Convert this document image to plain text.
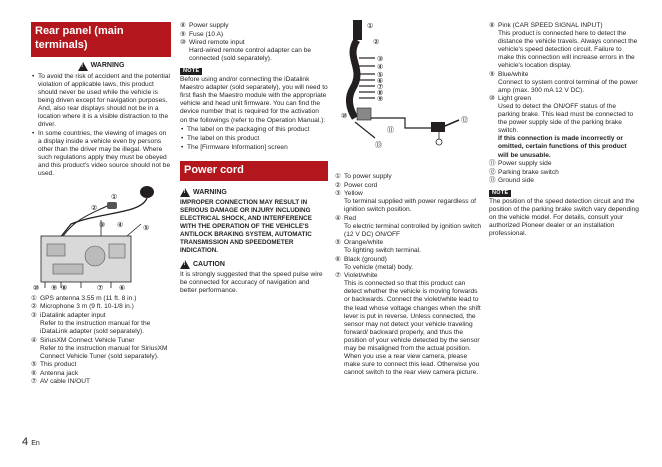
Rear panel (main terminals)
!
WARNING
• To avoid the risk of accident and the potential violation of applicable laws, this product should never be used while the vehicle is being driven except for navigation purposes. And, also rear displays should not be in a location where it is a visible distraction to the driver.
• In some countries, the viewing of images on a display inside a vehicle even by persons other than the driver may be illegal. Where such regulations apply they must be obeyed and this product's video source should not be used.
①
②
③ ④	⑤
⑩ ⑨ ⑧	⑦ ⑥
① GPS antenna 3.55 m (11 ft. 8 in.)
② Microphone 3 m (9 ft. 10-1/8 in.)
③ iDatalink adapter input
Refer to the instruction manual for the iDataLink adapter (sold separately).
④ SiriusXM Connect Vehicle Tuner
Refer to the instruction manual for SiriusXM Connect Vehicle Tuner (sold separately).
⑤ This product
⑥ Antenna jack
⑦ AV cable IN/OUT
⑧ Power supply
⑨ Fuse (10 A)
⑩ Wired remote input
Hard-wired remote control adapter can be connected (sold separately).
NOTE
Before using and/or connecting the iDatalink Maestro adapter (sold separately), you will need to first flash the Maestro module with the appropriate vehicle and head unit firmware. You can find the device number that is required for the activation on the followings (refer to the Operation Manual.):
• The label on the packaging of this product
• The label on this product
• The [Firmware Information] screen
Power cord
!
WARNING
IMPROPER CONNECTION MAY RESULT IN SERIOUS DAMAGE OR INJURY INCLUDING ELECTRICAL SHOCK, AND INTERFERENCE WITH THE OPERATION OF THE VEHICLE'S ANTILOCK BRAKING SYSTEM, AUTOMATIC TRANSMISSION AND SPEEDOMETER INDICATION.
!
CAUTION
It is strongly suggested that the speed pulse wire be connected for accuracy of navigation and better performance.
①
②
③
④
⑤
⑥
⑦
⑧
⑨
⑩
⑪
⑫
⑬
① To power supply
② Power cord
③ Yellow
To terminal supplied with power regardless of ignition switch position.
④ Red
To electric terminal controlled by ignition switch (12 V DC) ON/OFF
⑤ Orange/white
To lighting switch terminal.
⑥ Black (ground)
To vehicle (metal) body.
⑦ Violet/white
This is connected so that this product can detect whether the vehicle is moving forwards or backwards. Connect the violet/white lead to the lead whose voltage changes when the shift lever is put in reverse. Unless connected, the sensor may not detect your vehicle traveling forward/ backward properly, and thus the position of your vehicle detected by the sensor may be misaligned from the actual position.
When you use a rear view camera, please make sure to connect this lead. Otherwise you cannot switch to the rear view camera picture.
⑧ Pink (CAR SPEED SIGNAL INPUT)
This product is connected here to detect the distance the vehicle travels. Always connect the vehicle's speed detection circuit. Failure to make this connection will increase errors in the vehicle's location display.
⑨ Blue/white
Connect to system control terminal of the power amp (max. 300 mA 12 V DC).
⑩ Light green
Used to detect the ON/OFF status of the parking brake. This lead must be connected to the power supply side of the parking brake switch.
If this connection is made incorrectly or omitted, certain functions of this product will be unusable.
⑪ Power supply side
⑫ Parking brake switch
⑬ Ground side
NOTE
The position of the speed detection circuit and the position of the parking brake switch vary depending on the vehicle model. For details, consult your authorized Pioneer dealer or an installation professional.
4 En
